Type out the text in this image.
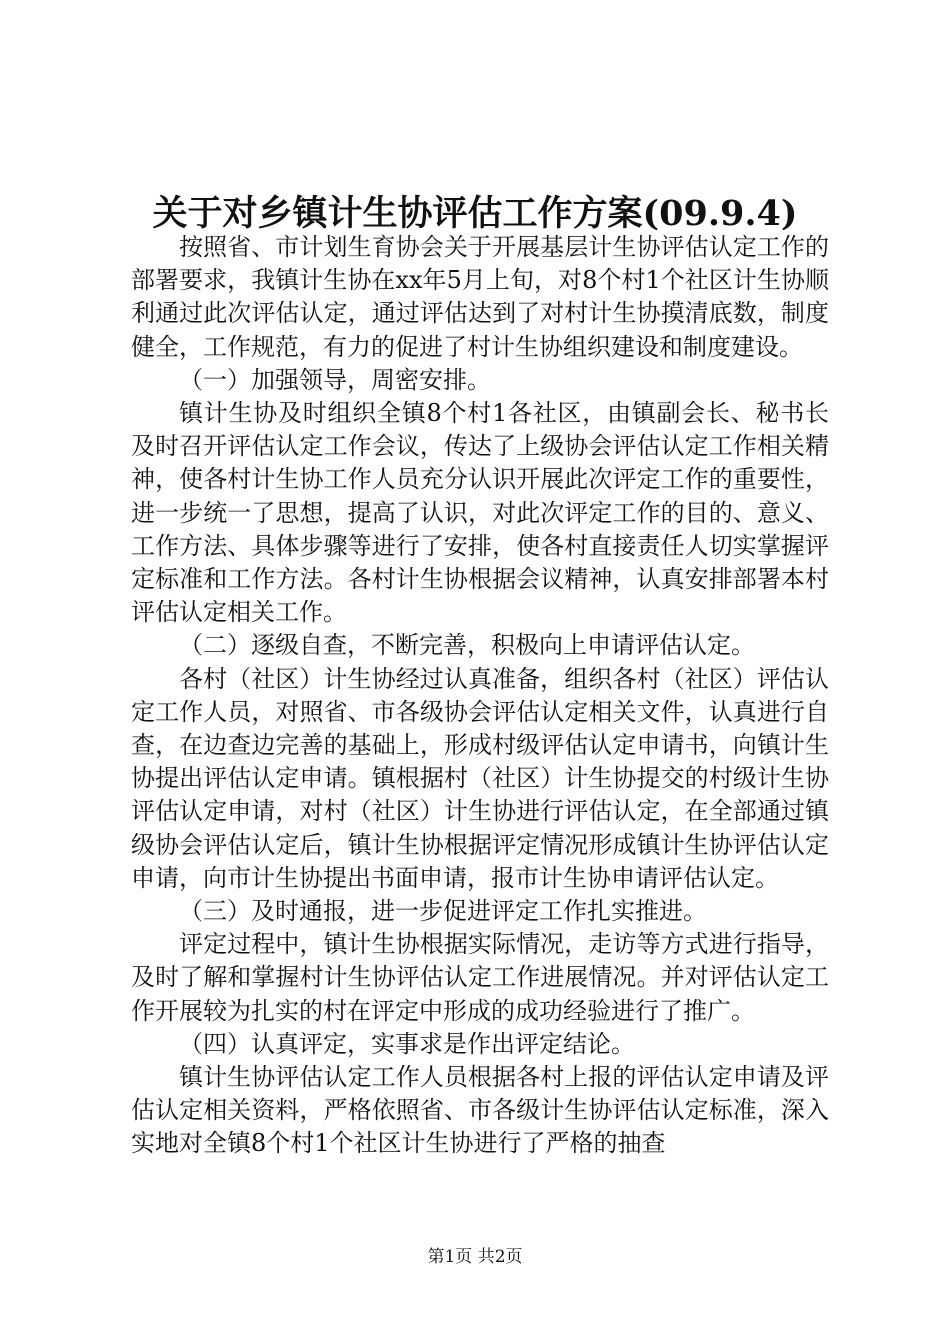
关于对乡镇计生协评估工作方案(09.9.4)

按照省、市计划生育协会关于开展基层计生协评估认定工作的部署要求，我镇计生协在xx年5月上旬，对8个村1个社区计生协顺利通过此次评估认定，通过评估达到了对村计生协摸清底数，制度健全，工作规范，有力的促进了村计生协组织建设和制度建设。

（一）加强领导，周密安排。

镇计生协及时组织全镇8个村1各社区，由镇副会长、秘书长及时召开评估认定工作会议，传达了上级协会评估认定工作相关精神，使各村计生协工作人员充分认识开展此次评定工作的重要性，进一步统一了思想，提高了认识，对此次评定工作的目的、意义、工作方法、具体步骤等进行了安排，使各村直接责任人切实掌握评定标准和工作方法。各村计生协根据会议精神，认真安排部署本村评估认定相关工作。

（二）逐级自查，不断完善，积极向上申请评估认定。

各村（社区）计生协经过认真准备，组织各村（社区）评估认定工作人员，对照省、市各级协会评估认定相关文件，认真进行自查，在边查边完善的基础上，形成村级评估认定申请书，向镇计生协提出评估认定申请。镇根据村（社区）计生协提交的村级计生协评估认定申请，对村（社区）计生协进行评估认定，在全部通过镇级协会评估认定后，镇计生协根据评定情况形成镇计生协评估认定申请，向市计生协提出书面申请，报市计生协申请评估认定。

（三）及时通报，进一步促进评定工作扎实推进。

评定过程中，镇计生协根据实际情况，走访等方式进行指导，及时了解和掌握村计生协评估认定工作进展情况。并对评估认定工作开展较为扎实的村在评定中形成的成功经验进行了推广。

（四）认真评定，实事求是作出评定结论。

镇计生协评估认定工作人员根据各村上报的评估认定申请及评估认定相关资料，严格依照省、市各级计生协评估认定标准，深入实地对全镇8个村1个社区计生协进行了严格的抽查

第1页 共2页
